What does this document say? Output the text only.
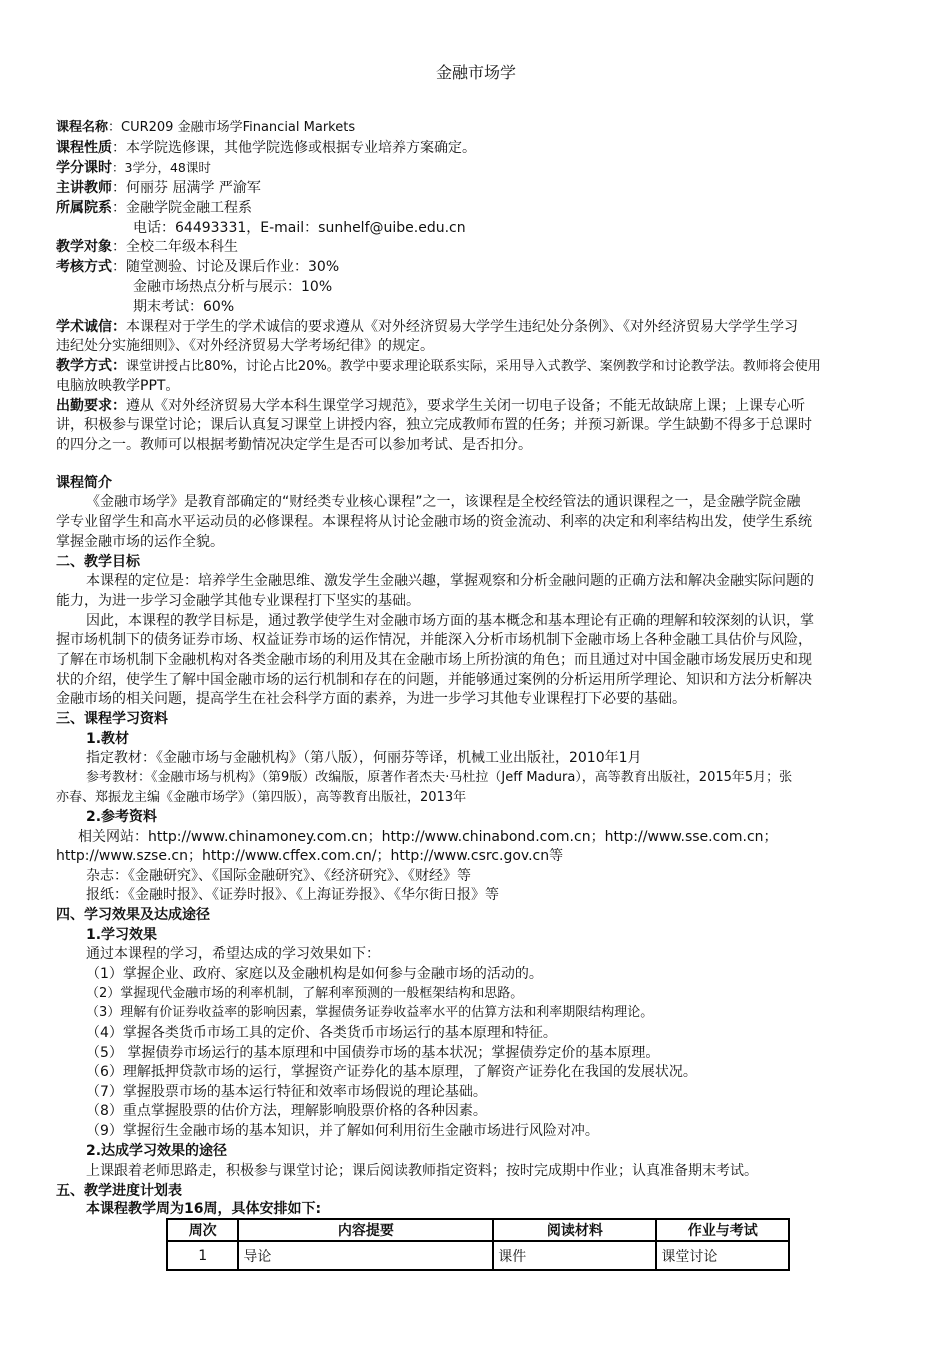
金融市场学
课程名称：CUR209 金融市场学Financial Markets
课程性质：本学院选修课，其他学院选修或根据专业培养方案确定。
学分课时：3学分，48课时
主讲教师：何丽芬 屈满学 严渝军
所属院系：金融学院金融工程系
电话：64493331，E-mail：sunhelf@uibe.edu.cn
教学对象：全校二年级本科生
考核方式：随堂测验、讨论及课后作业：30%
金融市场热点分析与展示：10%
期末考试：60%
学术诚信：本课程对于学生的学术诚信的要求遵从《对外经济贸易大学学生违纪处分条例》、《对外经济贸易大学学生学习
违纪处分实施细则》、《对外经济贸易大学考场纪律》的规定。
教学方式：课堂讲授占比80%，讨论占比20%。教学中要求理论联系实际，采用导入式教学、案例教学和讨论教学法。教师将会使用
电脑放映教学PPT。
出勤要求：遵从《对外经济贸易大学本科生课堂学习规范》，要求学生关闭一切电子设备；不能无故缺席上课；上课专心听
讲，积极参与课堂讨论；课后认真复习课堂上讲授内容，独立完成教师布置的任务；并预习新课。学生缺勤不得多于总课时
的四分之一。教师可以根据考勤情况决定学生是否可以参加考试、是否扣分。
课程简介
《金融市场学》是教育部确定的“财经类专业核心课程”之一，该课程是全校经管法的通识课程之一，是金融学院金融
学专业留学生和高水平运动员的必修课程。本课程将从讨论金融市场的资金流动、利率的决定和利率结构出发，使学生系统
掌握金融市场的运作全貌。
二、教学目标
本课程的定位是：培养学生金融思维、激发学生金融兴趣，掌握观察和分析金融问题的正确方法和解决金融实际问题的
能力，为进一步学习金融学其他专业课程打下坚实的基础。
因此，本课程的教学目标是，通过教学使学生对金融市场方面的基本概念和基本理论有正确的理解和较深刻的认识，掌
握市场机制下的债务证券市场、权益证券市场的运作情况，并能深入分析市场机制下金融市场上各种金融工具估价与风险，
了解在市场机制下金融机构对各类金融市场的利用及其在金融市场上所扮演的角色；而且通过对中国金融市场发展历史和现
状的介绍，使学生了解中国金融市场的运行机制和存在的问题，并能够通过案例的分析运用所学理论、知识和方法分析解决
金融市场的相关问题，提高学生在社会科学方面的素养，为进一步学习其他专业课程打下必要的基础。
三、课程学习资料
1.教材
指定教材：《金融市场与金融机构》（第八版），何丽芬等译，机械工业出版社，2010年1月
参考教材：《金融市场与机构》（第9版）改编版，原著作者杰夫·马杜拉（Jeff Madura），高等教育出版社，2015年5月；张
亦春、郑振龙主编《金融市场学》（第四版），高等教育出版社，2013年
2.参考资料
相关网站：http://www.chinamoney.com.cn；http://www.chinabond.com.cn；http://www.sse.com.cn；
http://www.szse.cn；http://www.cffex.com.cn/；http://www.csrc.gov.cn等
杂志：《金融研究》、《国际金融研究》、《经济研究》、《财经》等
报纸：《金融时报》、《证券时报》、《上海证券报》、《华尔街日报》等
四、学习效果及达成途径
1.学习效果
通过本课程的学习，希望达成的学习效果如下：
（1）掌握企业、政府、家庭以及金融机构是如何参与金融市场的活动的。
（2）掌握现代金融市场的利率机制，了解利率预测的一般框架结构和思路。
（3）理解有价证券收益率的影响因素，掌握债务证券收益率水平的估算方法和利率期限结构理论。
（4）掌握各类货币市场工具的定价、各类货币市场运行的基本原理和特征。
（5） 掌握债券市场运行的基本原理和中国债券市场的基本状况；掌握债券定价的基本原理。
（6）理解抵押贷款市场的运行，掌握资产证券化的基本原理，了解资产证券化在我国的发展状况。
（7）掌握股票市场的基本运行特征和效率市场假说的理论基础。
（8）重点掌握股票的估价方法，理解影响股票价格的各种因素。
（9）掌握衍生金融市场的基本知识，并了解如何利用衍生金融市场进行风险对冲。
2.达成学习效果的途径
上课跟着老师思路走，积极参与课堂讨论；课后阅读教师指定资料；按时完成期中作业；认真准备期末考试。
五、教学进度计划表
本课程教学周为16周，具体安排如下:
周次	内容提要	阅读材料	作业与考试
1	导论	课件	课堂讨论
